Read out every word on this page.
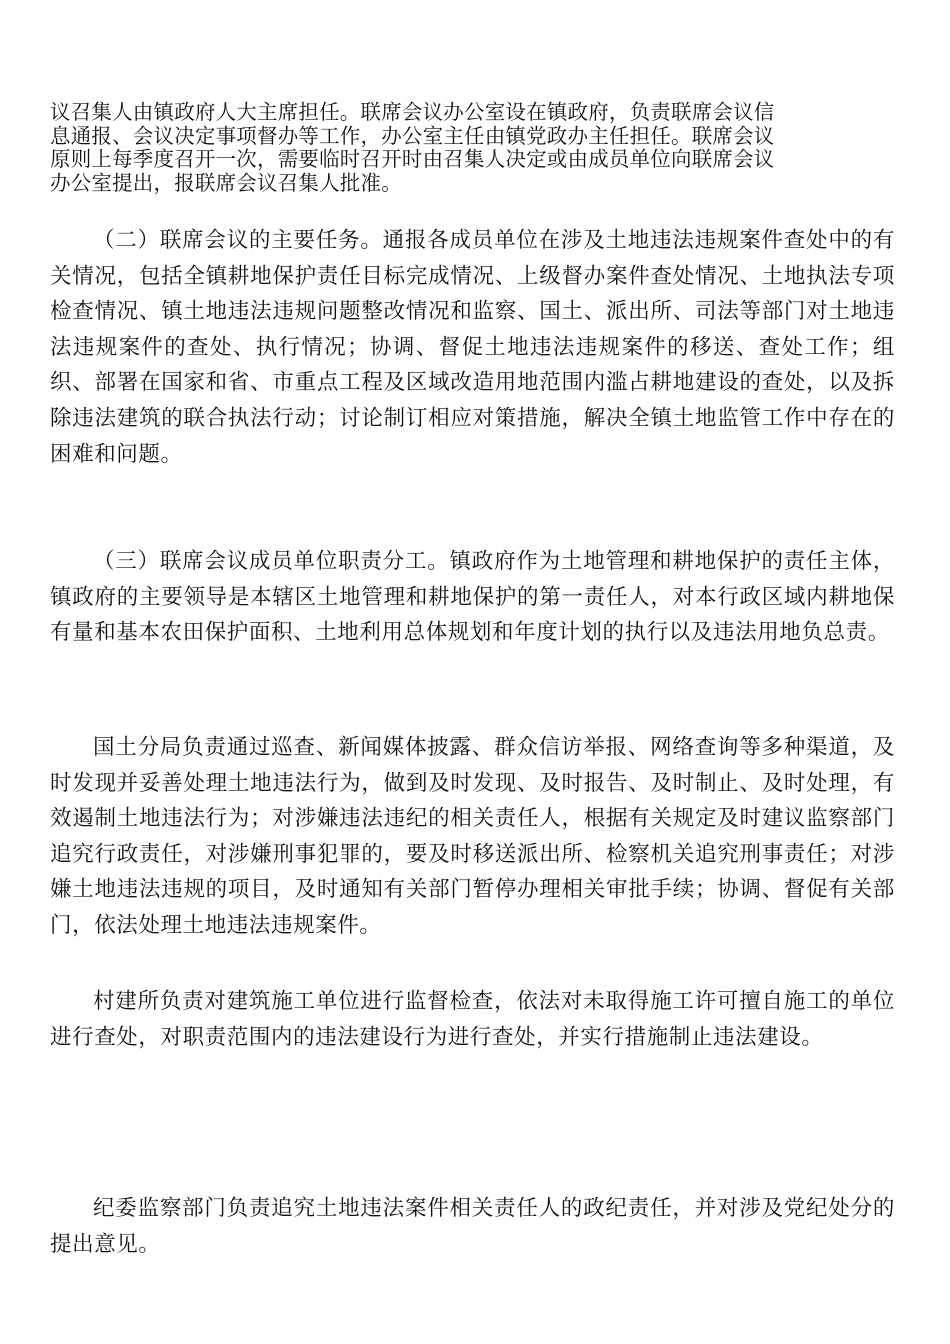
议召集人由镇政府人大主席担任。联席会议办公室设在镇政府，负责联席会议信
息通报、会议决定事项督办等工作，办公室主任由镇党政办主任担任。联席会议
原则上每季度召开一次，需要临时召开时由召集人决定或由成员单位向联席会议
办公室提出，报联席会议召集人批准。

（二）联席会议的主要任务。通报各成员单位在涉及土地违法违规案件查处中的有关情况，包括全镇耕地保护责任目标完成情况、上级督办案件查处情况、土地执法专项检查情况、镇土地违法违规问题整改情况和监察、国土、派出所、司法等部门对土地违法违规案件的查处、执行情况；协调、督促土地违法违规案件的移送、查处工作；组织、部署在国家和省、市重点工程及区域改造用地范围内滥占耕地建设的查处，以及拆除违法建筑的联合执法行动；讨论制订相应对策措施，解决全镇土地监管工作中存在的困难和问题。

（三）联席会议成员单位职责分工。镇政府作为土地管理和耕地保护的责任主体，镇政府的主要领导是本辖区土地管理和耕地保护的第一责任人，对本行政区域内耕地保有量和基本农田保护面积、土地利用总体规划和年度计划的执行以及违法用地负总责。

国土分局负责通过巡查、新闻媒体披露、群众信访举报、网络查询等多种渠道，及时发现并妥善处理土地违法行为，做到及时发现、及时报告、及时制止、及时处理，有效遏制土地违法行为；对涉嫌违法违纪的相关责任人，根据有关规定及时建议监察部门追究行政责任，对涉嫌刑事犯罪的，要及时移送派出所、检察机关追究刑事责任；对涉嫌土地违法违规的项目，及时通知有关部门暂停办理相关审批手续；协调、督促有关部门，依法处理土地违法违规案件。

村建所负责对建筑施工单位进行监督检查，依法对未取得施工许可擅自施工的单位进行查处，对职责范围内的违法建设行为进行查处，并实行措施制止违法建设。

纪委监察部门负责追究土地违法案件相关责任人的政纪责任，并对涉及党纪处分的提出意见。
